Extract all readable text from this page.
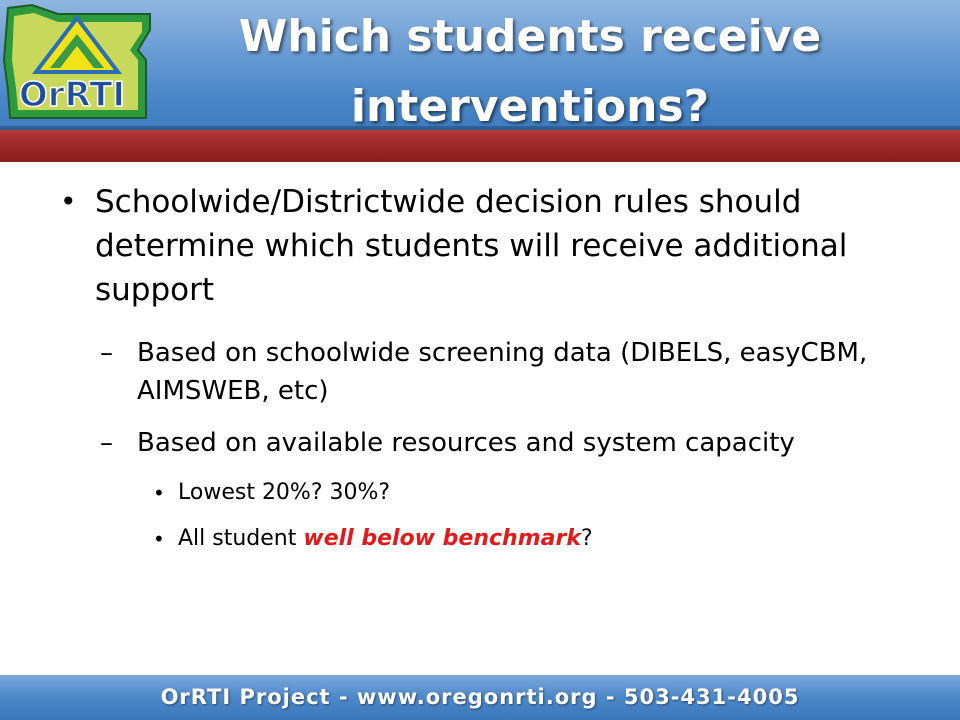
OrRTI
Which students receive interventions?

• Schoolwide/Districtwide decision rules should determine which students will receive additional support

– Based on schoolwide screening data (DIBELS, easyCBM, AIMSWEB, etc)

– Based on available resources and system capacity

• Lowest 20%? 30%?

• All student well below benchmark?

OrRTI Project - www.oregonrti.org - 503-431-4005
